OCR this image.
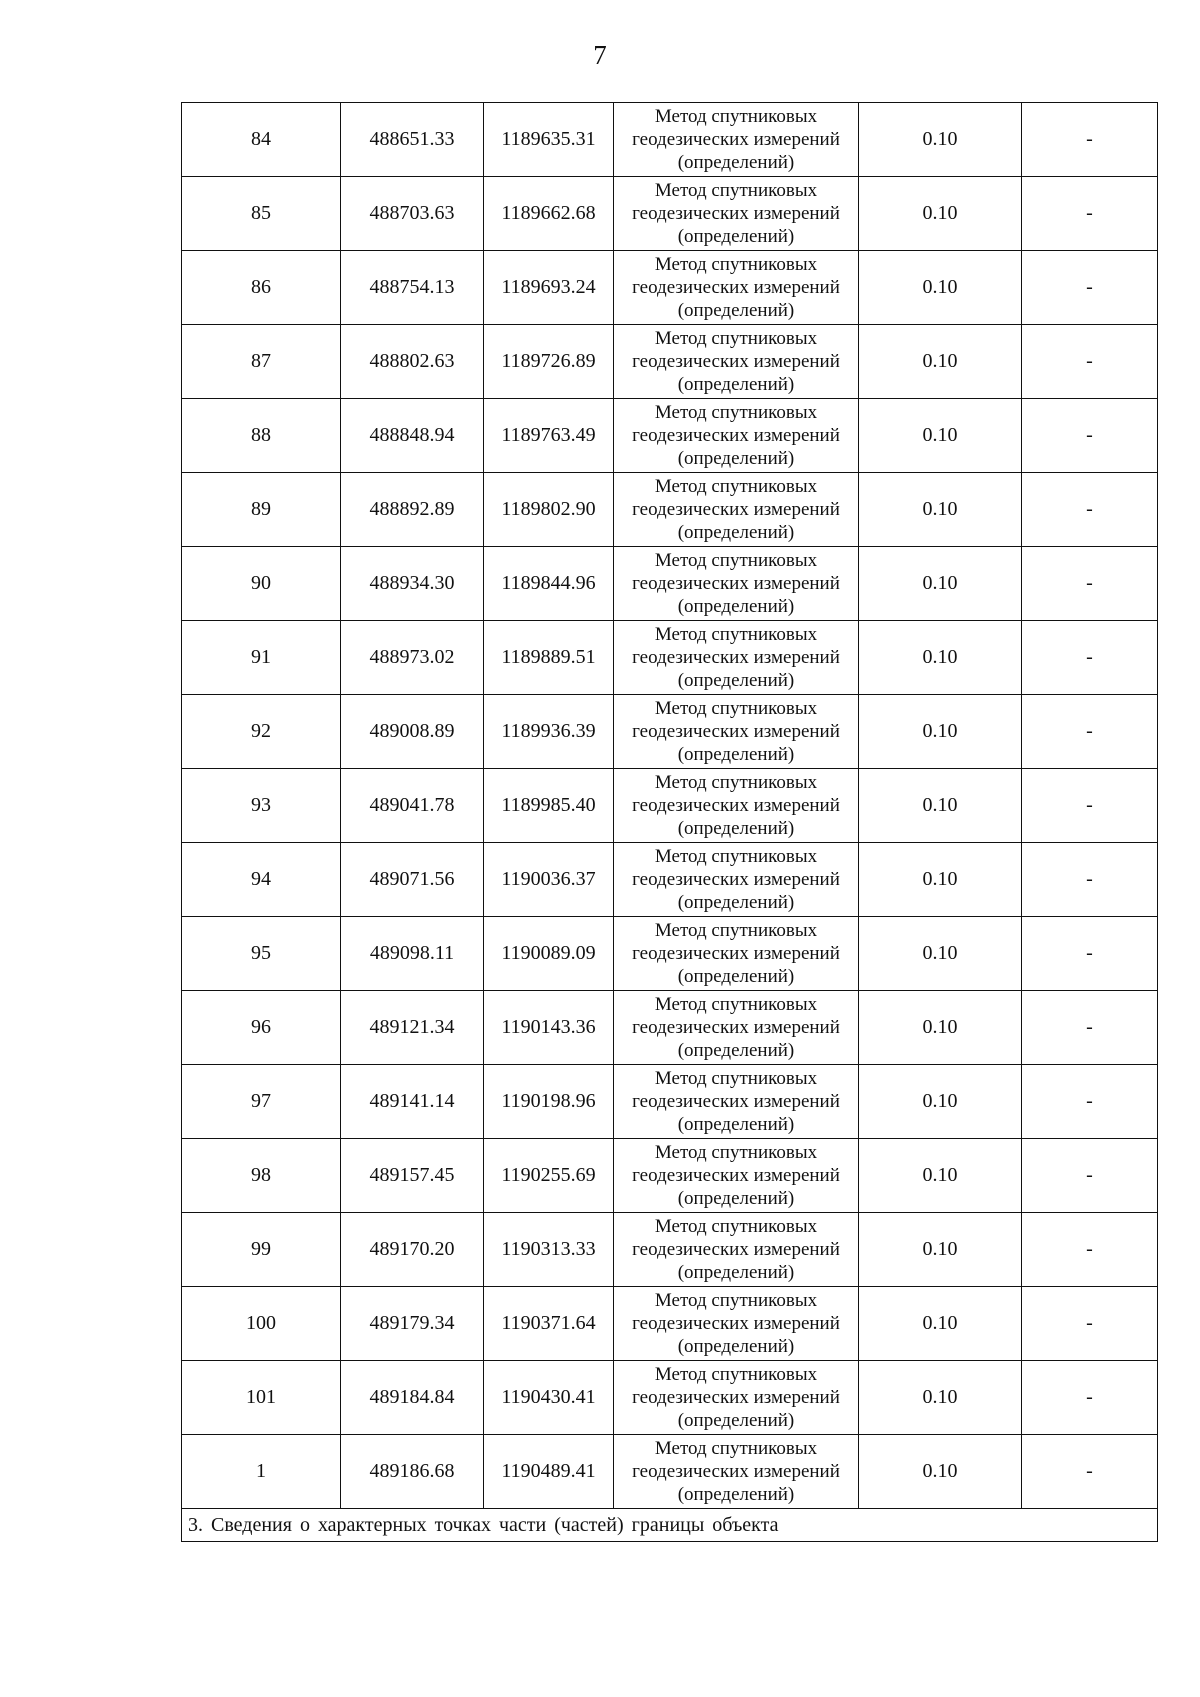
7
84	488651.33	1189635.31	Метод спутниковых геодезических измерений (определений)	0.10	-
85	488703.63	1189662.68	Метод спутниковых геодезических измерений (определений)	0.10	-
86	488754.13	1189693.24	Метод спутниковых геодезических измерений (определений)	0.10	-
87	488802.63	1189726.89	Метод спутниковых геодезических измерений (определений)	0.10	-
88	488848.94	1189763.49	Метод спутниковых геодезических измерений (определений)	0.10	-
89	488892.89	1189802.90	Метод спутниковых геодезических измерений (определений)	0.10	-
90	488934.30	1189844.96	Метод спутниковых геодезических измерений (определений)	0.10	-
91	488973.02	1189889.51	Метод спутниковых геодезических измерений (определений)	0.10	-
92	489008.89	1189936.39	Метод спутниковых геодезических измерений (определений)	0.10	-
93	489041.78	1189985.40	Метод спутниковых геодезических измерений (определений)	0.10	-
94	489071.56	1190036.37	Метод спутниковых геодезических измерений (определений)	0.10	-
95	489098.11	1190089.09	Метод спутниковых геодезических измерений (определений)	0.10	-
96	489121.34	1190143.36	Метод спутниковых геодезических измерений (определений)	0.10	-
97	489141.14	1190198.96	Метод спутниковых геодезических измерений (определений)	0.10	-
98	489157.45	1190255.69	Метод спутниковых геодезических измерений (определений)	0.10	-
99	489170.20	1190313.33	Метод спутниковых геодезических измерений (определений)	0.10	-
100	489179.34	1190371.64	Метод спутниковых геодезических измерений (определений)	0.10	-
101	489184.84	1190430.41	Метод спутниковых геодезических измерений (определений)	0.10	-
1	489186.68	1190489.41	Метод спутниковых геодезических измерений (определений)	0.10	-
3. Сведения о характерных точках части (частей) границы объекта					
